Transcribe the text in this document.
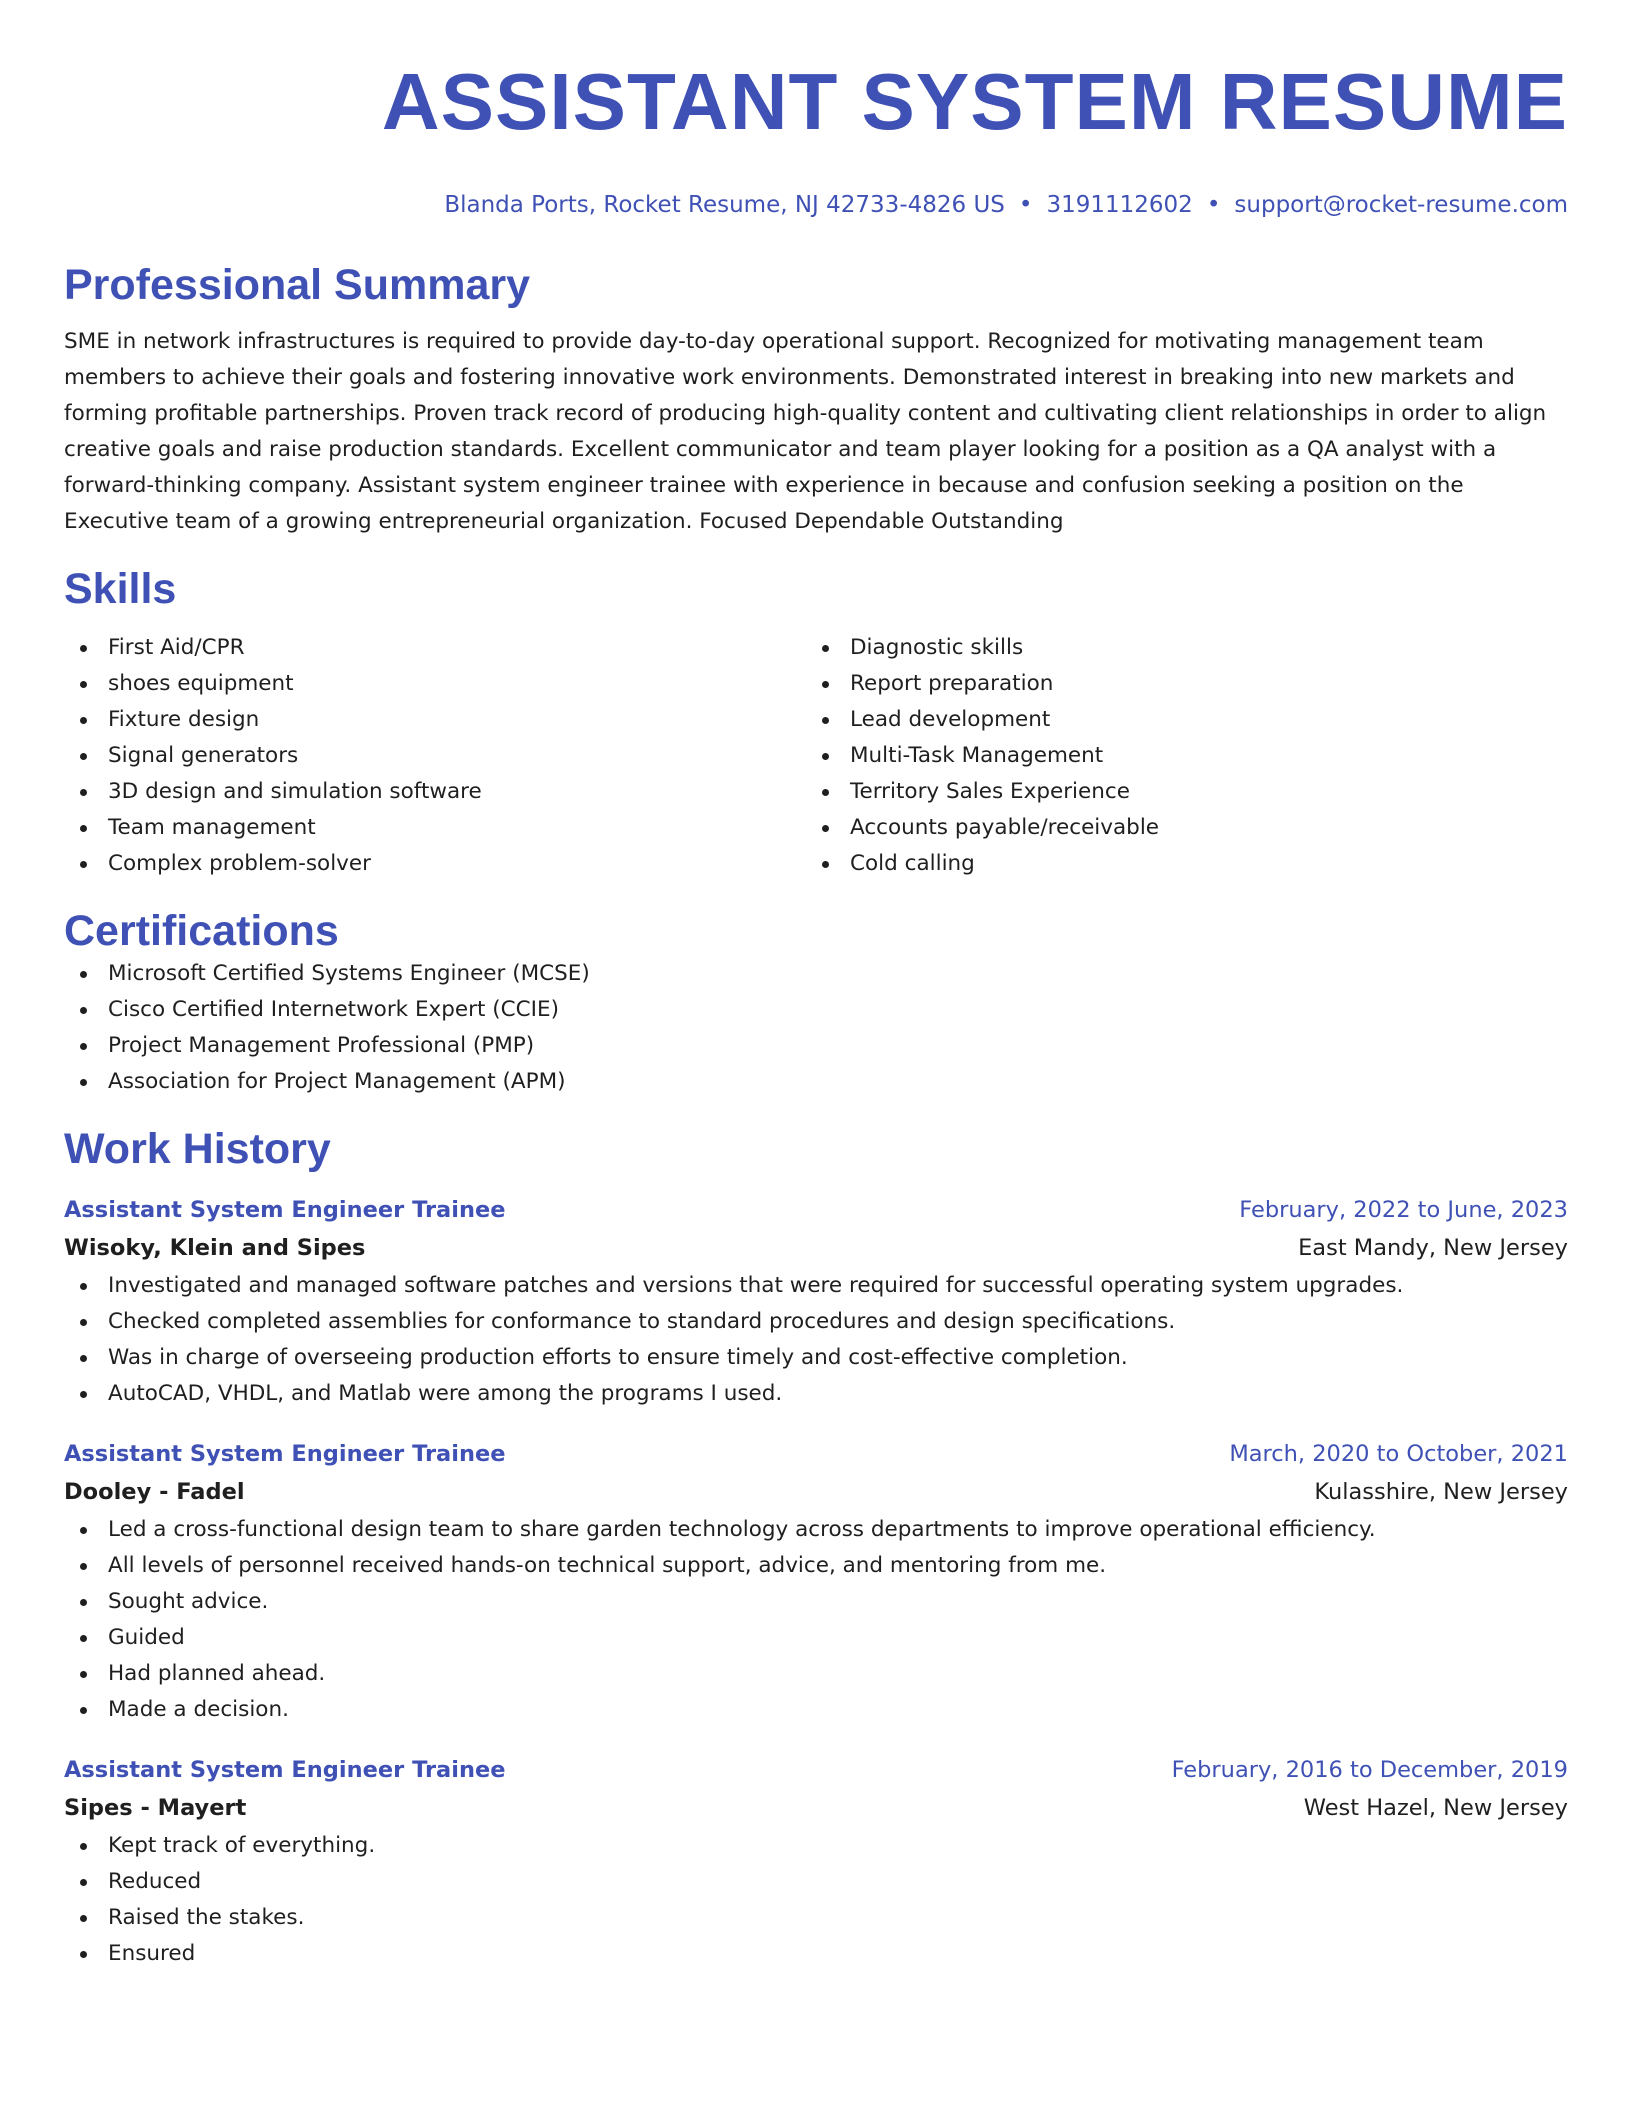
ASSISTANT SYSTEM RESUME
Blanda Ports, Rocket Resume, NJ 42733-4826 US • 3191112602 • support@rocket-resume.com
Professional Summary
SME in network infrastructures is required to provide day-to-day operational support. Recognized for motivating management team members to achieve their goals and fostering innovative work environments. Demonstrated interest in breaking into new markets and forming profitable partnerships. Proven track record of producing high-quality content and cultivating client relationships in order to align creative goals and raise production standards. Excellent communicator and team player looking for a position as a QA analyst with a forward-thinking company. Assistant system engineer trainee with experience in because and confusion seeking a position on the Executive team of a growing entrepreneurial organization. Focused Dependable Outstanding
Skills
First Aid/CPR
shoes equipment
Fixture design
Signal generators
3D design and simulation software
Team management
Complex problem-solver
Diagnostic skills
Report preparation
Lead development
Multi-Task Management
Territory Sales Experience
Accounts payable/receivable
Cold calling
Certifications
Microsoft Certified Systems Engineer (MCSE)
Cisco Certified Internetwork Expert (CCIE)
Project Management Professional (PMP)
Association for Project Management (APM)
Work History
Assistant System Engineer Trainee	February, 2022 to June, 2023
Wisoky, Klein and Sipes	East Mandy, New Jersey
Investigated and managed software patches and versions that were required for successful operating system upgrades.
Checked completed assemblies for conformance to standard procedures and design specifications.
Was in charge of overseeing production efforts to ensure timely and cost-effective completion.
AutoCAD, VHDL, and Matlab were among the programs I used.
Assistant System Engineer Trainee	March, 2020 to October, 2021
Dooley - Fadel	Kulasshire, New Jersey
Led a cross-functional design team to share garden technology across departments to improve operational efficiency.
All levels of personnel received hands-on technical support, advice, and mentoring from me.
Sought advice.
Guided
Had planned ahead.
Made a decision.
Assistant System Engineer Trainee	February, 2016 to December, 2019
Sipes - Mayert	West Hazel, New Jersey
Kept track of everything.
Reduced
Raised the stakes.
Ensured
